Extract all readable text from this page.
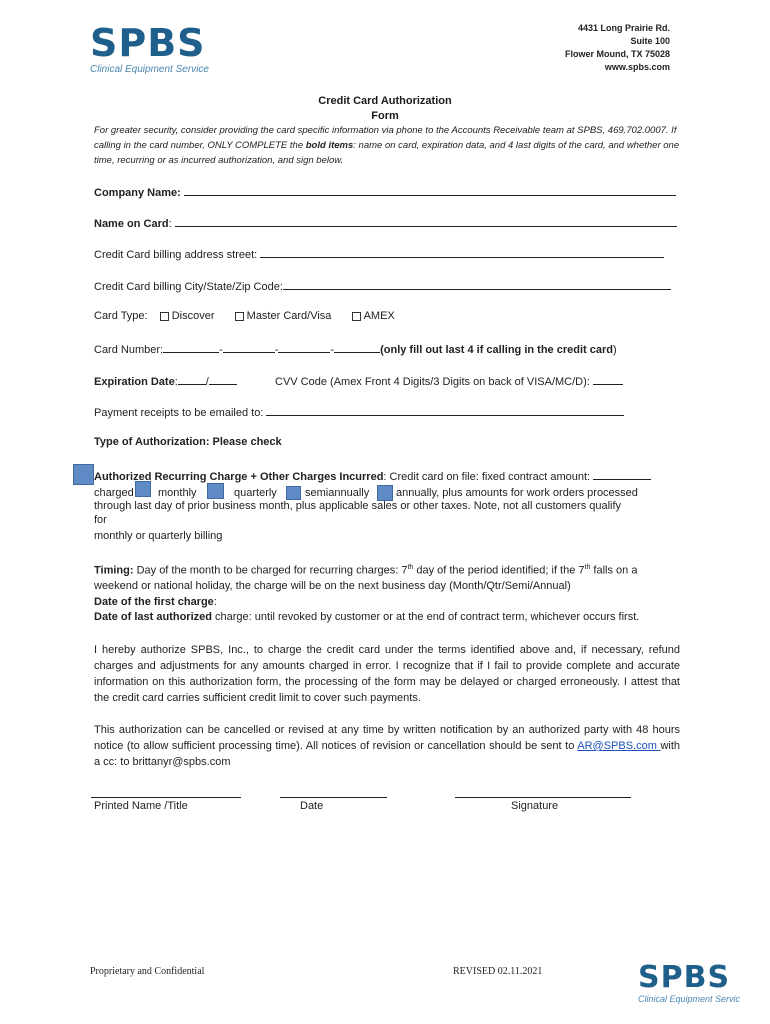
SPBS
Clinical Equipment Service
4431 Long Prairie Rd.
Suite 100
Flower Mound, TX 75028
www.spbs.com
Credit Card Authorization
Form
For greater security, consider providing the card specific information via phone to the Accounts Receivable team at SPBS, 469.702.0007. If calling in the card number, ONLY COMPLETE the bold items: name on card, expiration data, and 4 last digits of the card, and whether one time, recurring or as incurred authorization, and sign below.
Company Name:
Name on Card:
Credit Card billing address street:
Credit Card billing City/State/Zip Code:
Card Type: Discover	Master Card/Visa	AMEX
Card Number:	-	-	-	(only fill out last 4 if calling in the credit card)
Expiration Date:	/	CVV Code (Amex Front 4 Digits/3 Digits on back of VISA/MC/D):
Payment receipts to be emailed to:
Type of Authorization: Please check
Authorized Recurring Charge + Other Charges Incurred: Credit card on file: fixed contract amount:
charged monthly	quarterly	semiannually annually, plus amounts for work orders processed
through last day of prior business month, plus applicable sales or other taxes. Note, not all customers qualify
for
monthly or quarterly billing
Timing: Day of the month to be charged for recurring charges: 7th day of the period identified; if the 7th falls on a
weekend or national holiday, the charge will be on the next business day (Month/Qtr/Semi/Annual)
Date of the first charge:
Date of last authorized charge: until revoked by customer or at the end of contract term, whichever occurs first.
I hereby authorize SPBS, Inc., to charge the credit card under the terms identified above and, if necessary, refund charges and adjustments for any amounts charged in error. I recognize that if I fail to provide complete and accurate information on this authorization form, the processing of the form may be delayed or charged erroneously. I attest that the credit card carries sufficient credit limit to cover such payments.
This authorization can be cancelled or revised at any time by written notification by an authorized party with 48 hours notice (to allow sufficient processing time). All notices of revision or cancellation should be sent to AR@SPBS.com with a cc: to brittanyr@spbs.com
Printed Name /Title	Date	Signature
Proprietary and Confidential	REVISED 02.11.2021	SPBS
Clinical Equipment Servic
